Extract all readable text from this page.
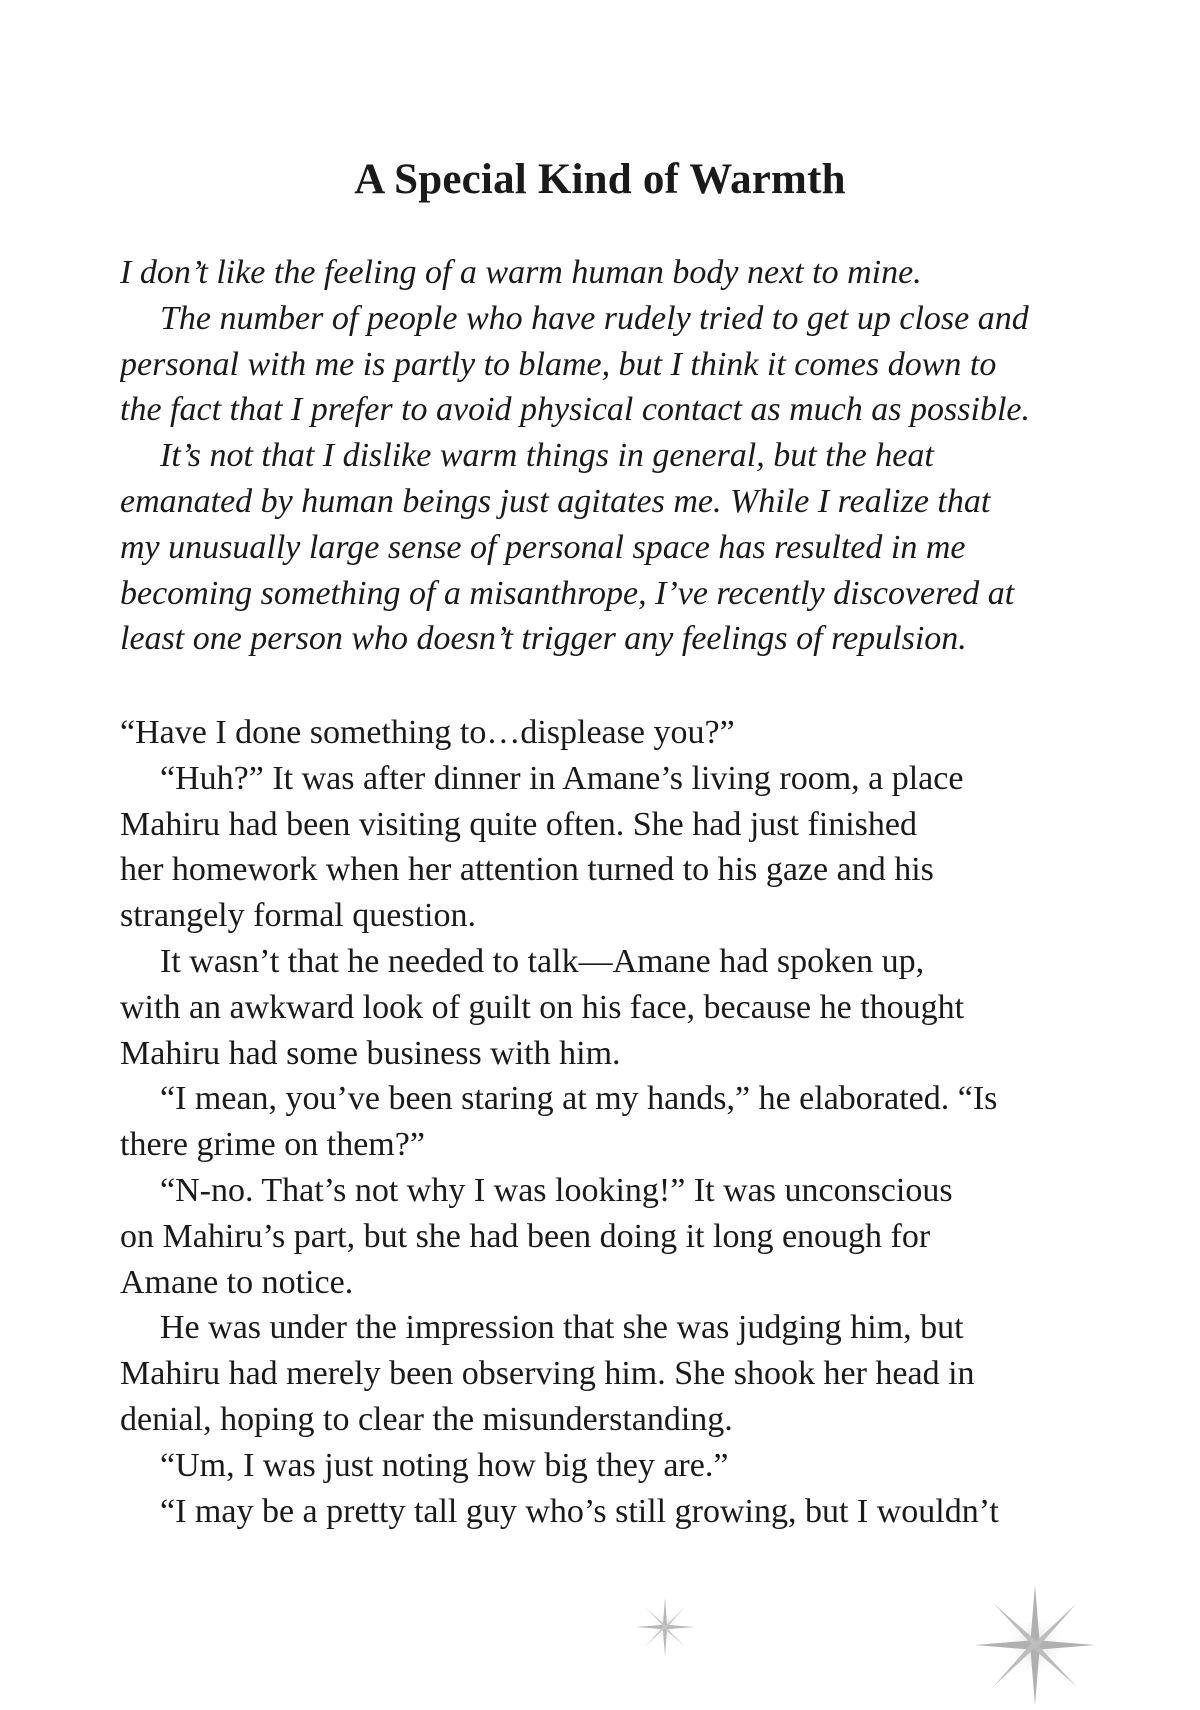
A Special Kind of Warmth
I don’t like the feeling of a warm human body next to mine.
The number of people who have rudely tried to get up close and
personal with me is partly to blame, but I think it comes down to
the fact that I prefer to avoid physical contact as much as possible.
It’s not that I dislike warm things in general, but the heat
emanated by human beings just agitates me. While I realize that
my unusually large sense of personal space has resulted in me
becoming something of a misanthrope, I’ve recently discovered at
least one person who doesn’t trigger any feelings of repulsion.
“Have I done something to…displease you?”
“Huh?” It was after dinner in Amane’s living room, a place
Mahiru had been visiting quite often. She had just finished
her homework when her attention turned to his gaze and his
strangely formal question.
It wasn’t that he needed to talk—Amane had spoken up,
with an awkward look of guilt on his face, because he thought
Mahiru had some business with him.
“I mean, you’ve been staring at my hands,” he elaborated. “Is
there grime on them?”
“N-no. That’s not why I was looking!” It was unconscious
on Mahiru’s part, but she had been doing it long enough for
Amane to notice.
He was under the impression that she was judging him, but
Mahiru had merely been observing him. She shook her head in
denial, hoping to clear the misunderstanding.
“Um, I was just noting how big they are.”
“I may be a pretty tall guy who’s still growing, but I wouldn’t
